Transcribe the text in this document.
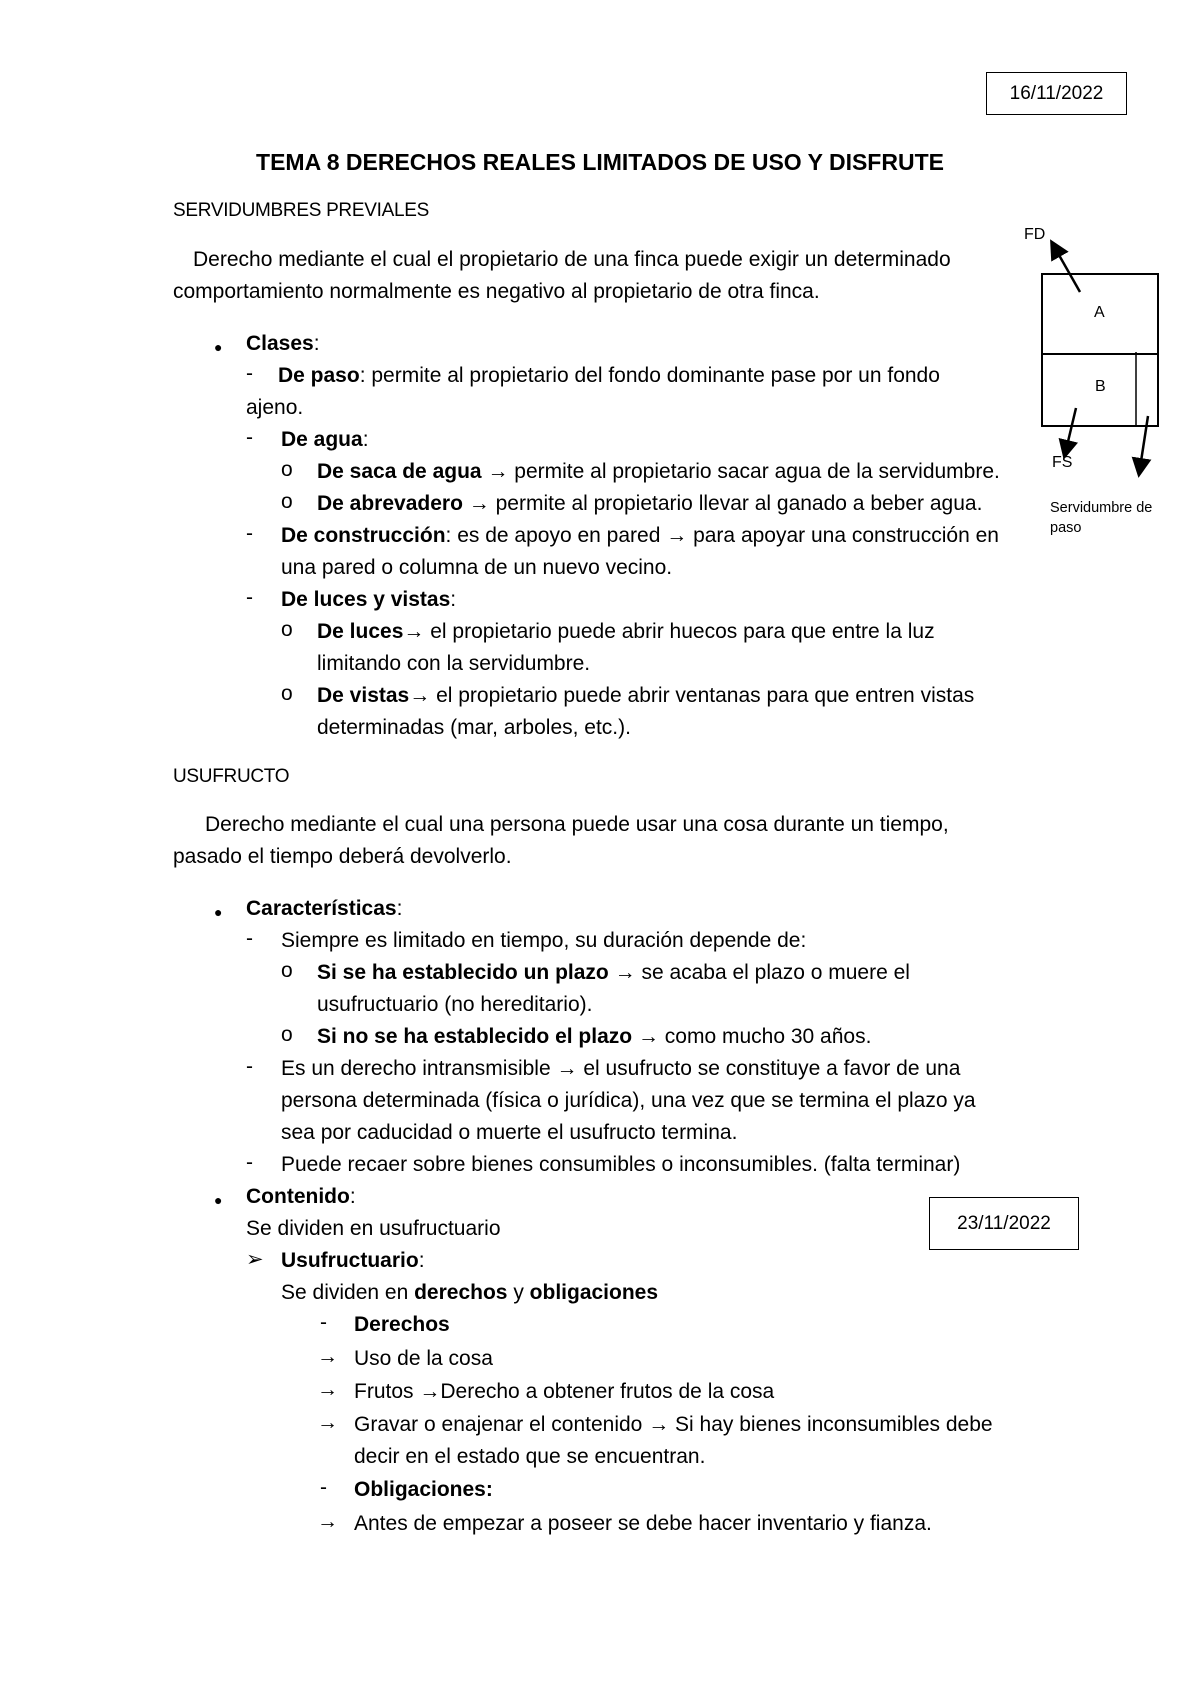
16/11/2022
TEMA 8 DERECHOS REALES LIMITADOS DE USO Y DISFRUTE
SERVIDUMBRES PREVIALES
Derecho mediante el cual el propietario de una finca puede exigir un determinado
comportamiento normalmente es negativo al propietario de otra finca.
● Clases:
- De paso: permite al propietario del fondo dominante pase por un fondo
ajeno.
- De agua:
o De saca de agua → permite al propietario sacar agua de la servidumbre.
o De abrevadero → permite al propietario llevar al ganado a beber agua.
- De construcción: es de apoyo en pared → para apoyar una construcción en
una pared o columna de un nuevo vecino.
- De luces y vistas:
o De luces→ el propietario puede abrir huecos para que entre la luz
limitando con la servidumbre.
o De vistas→ el propietario puede abrir ventanas para que entren vistas
determinadas (mar, arboles, etc.).
FD
A
B
FS
Servidumbre de
paso
USUFRUCTO
Derecho mediante el cual una persona puede usar una cosa durante un tiempo,
pasado el tiempo deberá devolverlo.
● Características:
- Siempre es limitado en tiempo, su duración depende de:
o Si se ha establecido un plazo → se acaba el plazo o muere el
usufructuario (no hereditario).
o Si no se ha establecido el plazo → como mucho 30 años.
- Es un derecho intransmisible → el usufructo se constituye a favor de una
persona determinada (física o jurídica), una vez que se termina el plazo ya
sea por caducidad o muerte el usufructo termina.
- Puede recaer sobre bienes consumibles o inconsumibles. (falta terminar)
● Contenido:
Se dividen en usufructuario	23/11/2022
➢ Usufructuario:
Se dividen en derechos y obligaciones
- Derechos
→ Uso de la cosa
→ Frutos →Derecho a obtener frutos de la cosa
→ Gravar o enajenar el contenido → Si hay bienes inconsumibles debe
decir en el estado que se encuentran.
- Obligaciones:
→ Antes de empezar a poseer se debe hacer inventario y fianza.
